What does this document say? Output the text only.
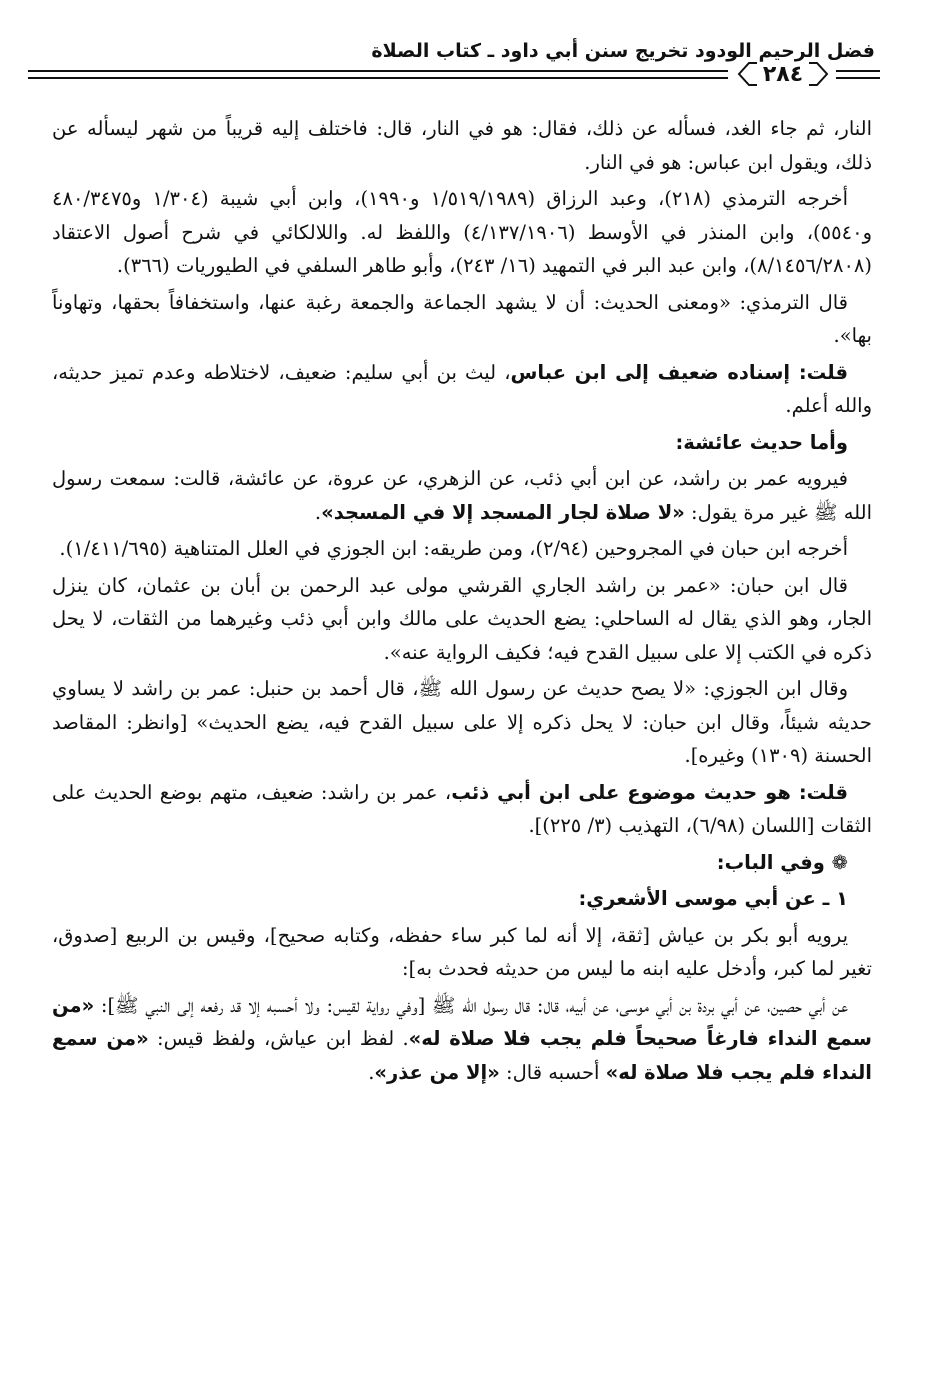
فضل الرحيم الودود تخريج سنن أبي داود ـ كتاب الصلاة
٢٨٤

النار، ثم جاء الغد، فسأله عن ذلك، فقال: هو في النار، قال: فاختلف إليه قريباً من شهر ليسأله عن ذلك، ويقول ابن عباس: هو في النار.

أخرجه الترمذي (٢١٨)، وعبد الرزاق (١/٥١٩/١٩٨٩ و١٩٩٠)، وابن أبي شيبة (١/٣٠٤ و٤٨٠/٣٤٧٥ و٥٥٤٠)، وابن المنذر في الأوسط (٤/١٣٧/١٩٠٦) واللفظ له. واللالكائي في شرح أصول الاعتقاد (٨/١٤٥٦/٢٨٠٨)، وابن عبد البر في التمهيد (١٦/ ٢٤٣)، وأبو طاهر السلفي في الطيوريات (٣٦٦).

قال الترمذي: «ومعنى الحديث: أن لا يشهد الجماعة والجمعة رغبة عنها، واستخفافاً بحقها، وتهاوناً بها».

قلت: إسناده ضعيف إلى ابن عباس، ليث بن أبي سليم: ضعيف، لاختلاطه وعدم تميز حديثه، والله أعلم.

وأما حديث عائشة:

فيرويه عمر بن راشد، عن ابن أبي ذئب، عن الزهري، عن عروة، عن عائشة، قالت: سمعت رسول الله ﷺ غير مرة يقول: «لا صلاة لجار المسجد إلا في المسجد».

أخرجه ابن حبان في المجروحين (٢/٩٤)، ومن طريقه: ابن الجوزي في العلل المتناهية (١/٤١١/٦٩٥).

قال ابن حبان: «عمر بن راشد الجاري القرشي مولى عبد الرحمن بن أبان بن عثمان، كان ينزل الجار، وهو الذي يقال له الساحلي: يضع الحديث على مالك وابن أبي ذئب وغيرهما من الثقات، لا يحل ذكره في الكتب إلا على سبيل القدح فيه؛ فكيف الرواية عنه».

وقال ابن الجوزي: «لا يصح حديث عن رسول الله ﷺ، قال أحمد بن حنبل: عمر بن راشد لا يساوي حديثه شيئاً، وقال ابن حبان: لا يحل ذكره إلا على سبيل القدح فيه، يضع الحديث» [وانظر: المقاصد الحسنة (١٣٠٩) وغيره].

قلت: هو حديث موضوع على ابن أبي ذئب، عمر بن راشد: ضعيف، متهم بوضع الحديث على الثقات [اللسان (٦/٩٨)، التهذيب (٣/ ٢٢٥)].

❁ وفي الباب:

١ ـ عن أبي موسى الأشعري:

يرويه أبو بكر بن عياش [ثقة، إلا أنه لما كبر ساء حفظه، وكتابه صحيح]، وقيس بن الربيع [صدوق، تغير لما كبر، وأدخل عليه ابنه ما ليس من حديثه فحدث به]:

عن أبي حصين، عن أبي بردة بن أبي موسى، عن أبيه، قال: قال رسول الله ﷺ [وفي رواية لقيس: ولا أحسبه إلا قد رفعه إلى النبي ﷺ]: «من سمع النداء فارغاً صحيحاً فلم يجب فلا صلاة له». لفظ ابن عياش، ولفظ قيس: «من سمع النداء فلم يجب فلا صلاة له» أحسبه قال: «إلا من عذر».
